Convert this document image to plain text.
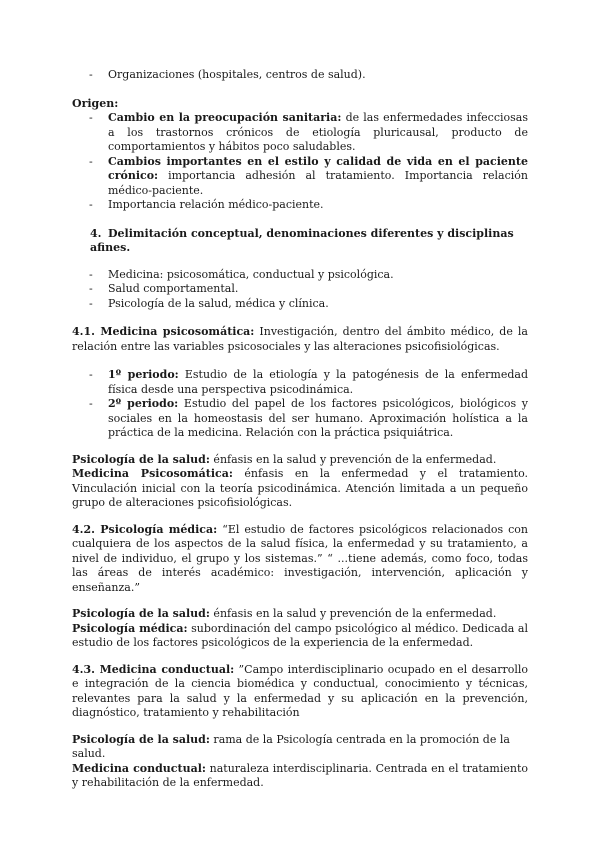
- Organizaciones (hospitales, centros de salud).

Origen:

- Cambio en la preocupación sanitaria: de las enfermedades infecciosas a los trastornos crónicos de etiología pluricausal, producto de comportamientos y hábitos poco saludables.
- Cambios importantes en el estilo y calidad de vida en el paciente crónico: importancia adhesión al tratamiento. Importancia relación médico-paciente.
- Importancia relación médico-paciente.

4. Delimitación conceptual, denominaciones diferentes y disciplinas afines.

- Medicina: psicosomática, conductual y psicológica.
- Salud comportamental.
- Psicología de la salud, médica y clínica.

4.1. Medicina psicosomática: Investigación, dentro del ámbito médico, de la relación entre las variables psicosociales y las alteraciones psicofisiológicas.

- 1º periodo: Estudio de la etiología y la patogénesis de la enfermedad física desde una perspectiva psicodinámica.
- 2º periodo: Estudio del papel de los factores psicológicos, biológicos y sociales en la homeostasis del ser humano. Aproximación holística a la práctica de la medicina. Relación con la práctica psiquiátrica.

Psicología de la salud: énfasis en la salud y prevención de la enfermedad.

Medicina Psicosomática: énfasis en la enfermedad y el tratamiento. Vinculación inicial con la teoría psicodinámica. Atención limitada a un pequeño grupo de alteraciones psicofisiológicas.

4.2. Psicología médica: “El estudio de factores psicológicos relacionados con cualquiera de los aspectos de la salud física, la enfermedad y su tratamiento, a nivel de individuo, el grupo y los sistemas.” “ ...tiene además, como foco, todas las áreas de interés académico: investigación, intervención, aplicación y enseñanza.”

Psicología de la salud: énfasis en la salud y prevención de la enfermedad.

Psicología médica: subordinación del campo psicológico al médico. Dedicada al estudio de los factores psicológicos de la experiencia de la enfermedad.

4.3. Medicina conductual: ”Campo interdisciplinario ocupado en el desarrollo e integración de la ciencia biomédica y conductual, conocimiento y técnicas, relevantes para la salud y la enfermedad y su aplicación en la prevención, diagnóstico, tratamiento y rehabilitación

Psicología de la salud: rama de la Psicología centrada en la promoción de la salud.

Medicina conductual: naturaleza interdisciplinaria. Centrada en el tratamiento y rehabilitación de la enfermedad.
